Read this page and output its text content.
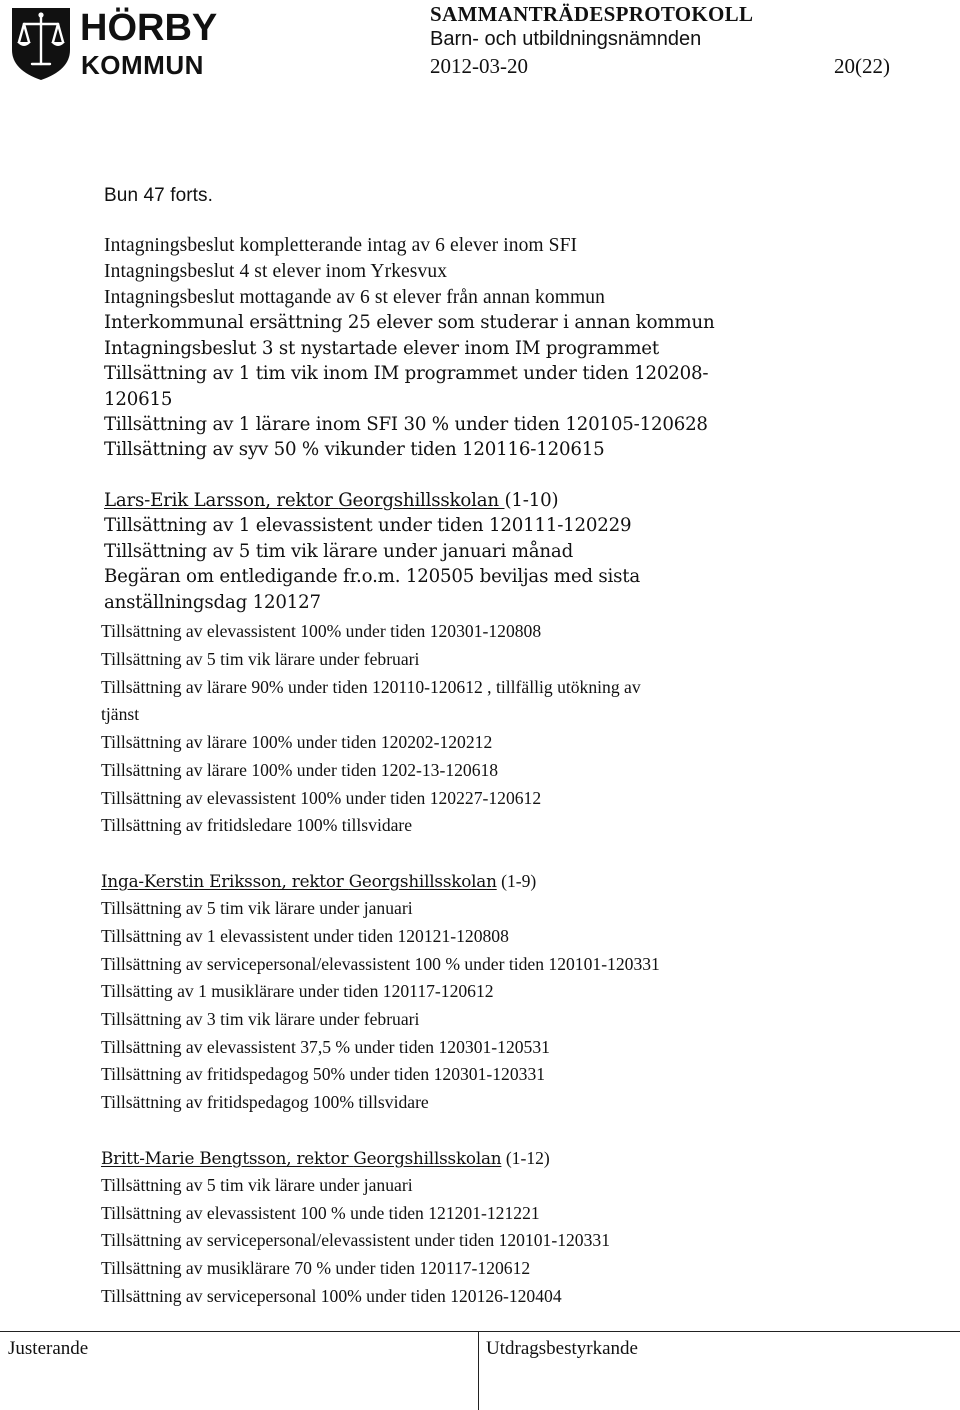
HÖRBY
KOMMUN
SAMMANTRÄDESPROTOKOLL
Barn- och utbildningsnämnden
2012-03-20	20(22)
Bun 47 forts.
Intagningsbeslut kompletterande intag av 6 elever inom SFI
Intagningsbeslut 4 st elever inom Yrkesvux
Intagningsbeslut mottagande av 6 st elever från annan kommun
Interkommunal ersättning 25 elever som studerar i annan kommun
Intagningsbeslut 3 st nystartade elever inom IM programmet
Tillsättning av 1 tim vik inom IM programmet under tiden 120208-
120615
Tillsättning av 1 lärare inom SFI 30 % under tiden 120105-120628
Tillsättning av syv 50 % vikunder tiden 120116-120615
Lars-Erik Larsson, rektor Georgshillsskolan (1-10)
Tillsättning av 1 elevassistent under tiden 120111-120229
Tillsättning av 5 tim vik lärare under januari månad
Begäran om entledigande fr.o.m. 120505 beviljas med sista
anställningsdag 120127
Tillsättning av elevassistent 100% under tiden 120301-120808
Tillsättning av 5 tim vik lärare under februari
Tillsättning av lärare 90% under tiden 120110-120612 , tillfällig utökning av
tjänst
Tillsättning av lärare 100% under tiden 120202-120212
Tillsättning av lärare 100% under tiden 1202-13-120618
Tillsättning av elevassistent 100% under tiden 120227-120612
Tillsättning av fritidsledare 100% tillsvidare
Inga-Kerstin Eriksson, rektor Georgshillsskolan (1-9)
Tillsättning av 5 tim vik lärare under januari
Tillsättning av 1 elevassistent under tiden 120121-120808
Tillsättning av servicepersonal/elevassistent 100 % under tiden 120101-120331
Tillsätting av 1 musiklärare under tiden 120117-120612
Tillsättning av 3 tim vik lärare under februari
Tillsättning av elevassistent 37,5 % under tiden 120301-120531
Tillsättning av fritidspedagog 50% under tiden 120301-120331
Tillsättning av fritidspedagog 100% tillsvidare
Britt-Marie Bengtsson, rektor Georgshillsskolan (1-12)
Tillsättning av 5 tim vik lärare under januari
Tillsättning av elevassistent 100 % unde tiden 121201-121221
Tillsättning av servicepersonal/elevassistent under tiden 120101-120331
Tillsättning av musiklärare 70 % under tiden 120117-120612
Tillsättning av servicepersonal 100% under tiden 120126-120404
Justerande	Utdragsbestyrkande
